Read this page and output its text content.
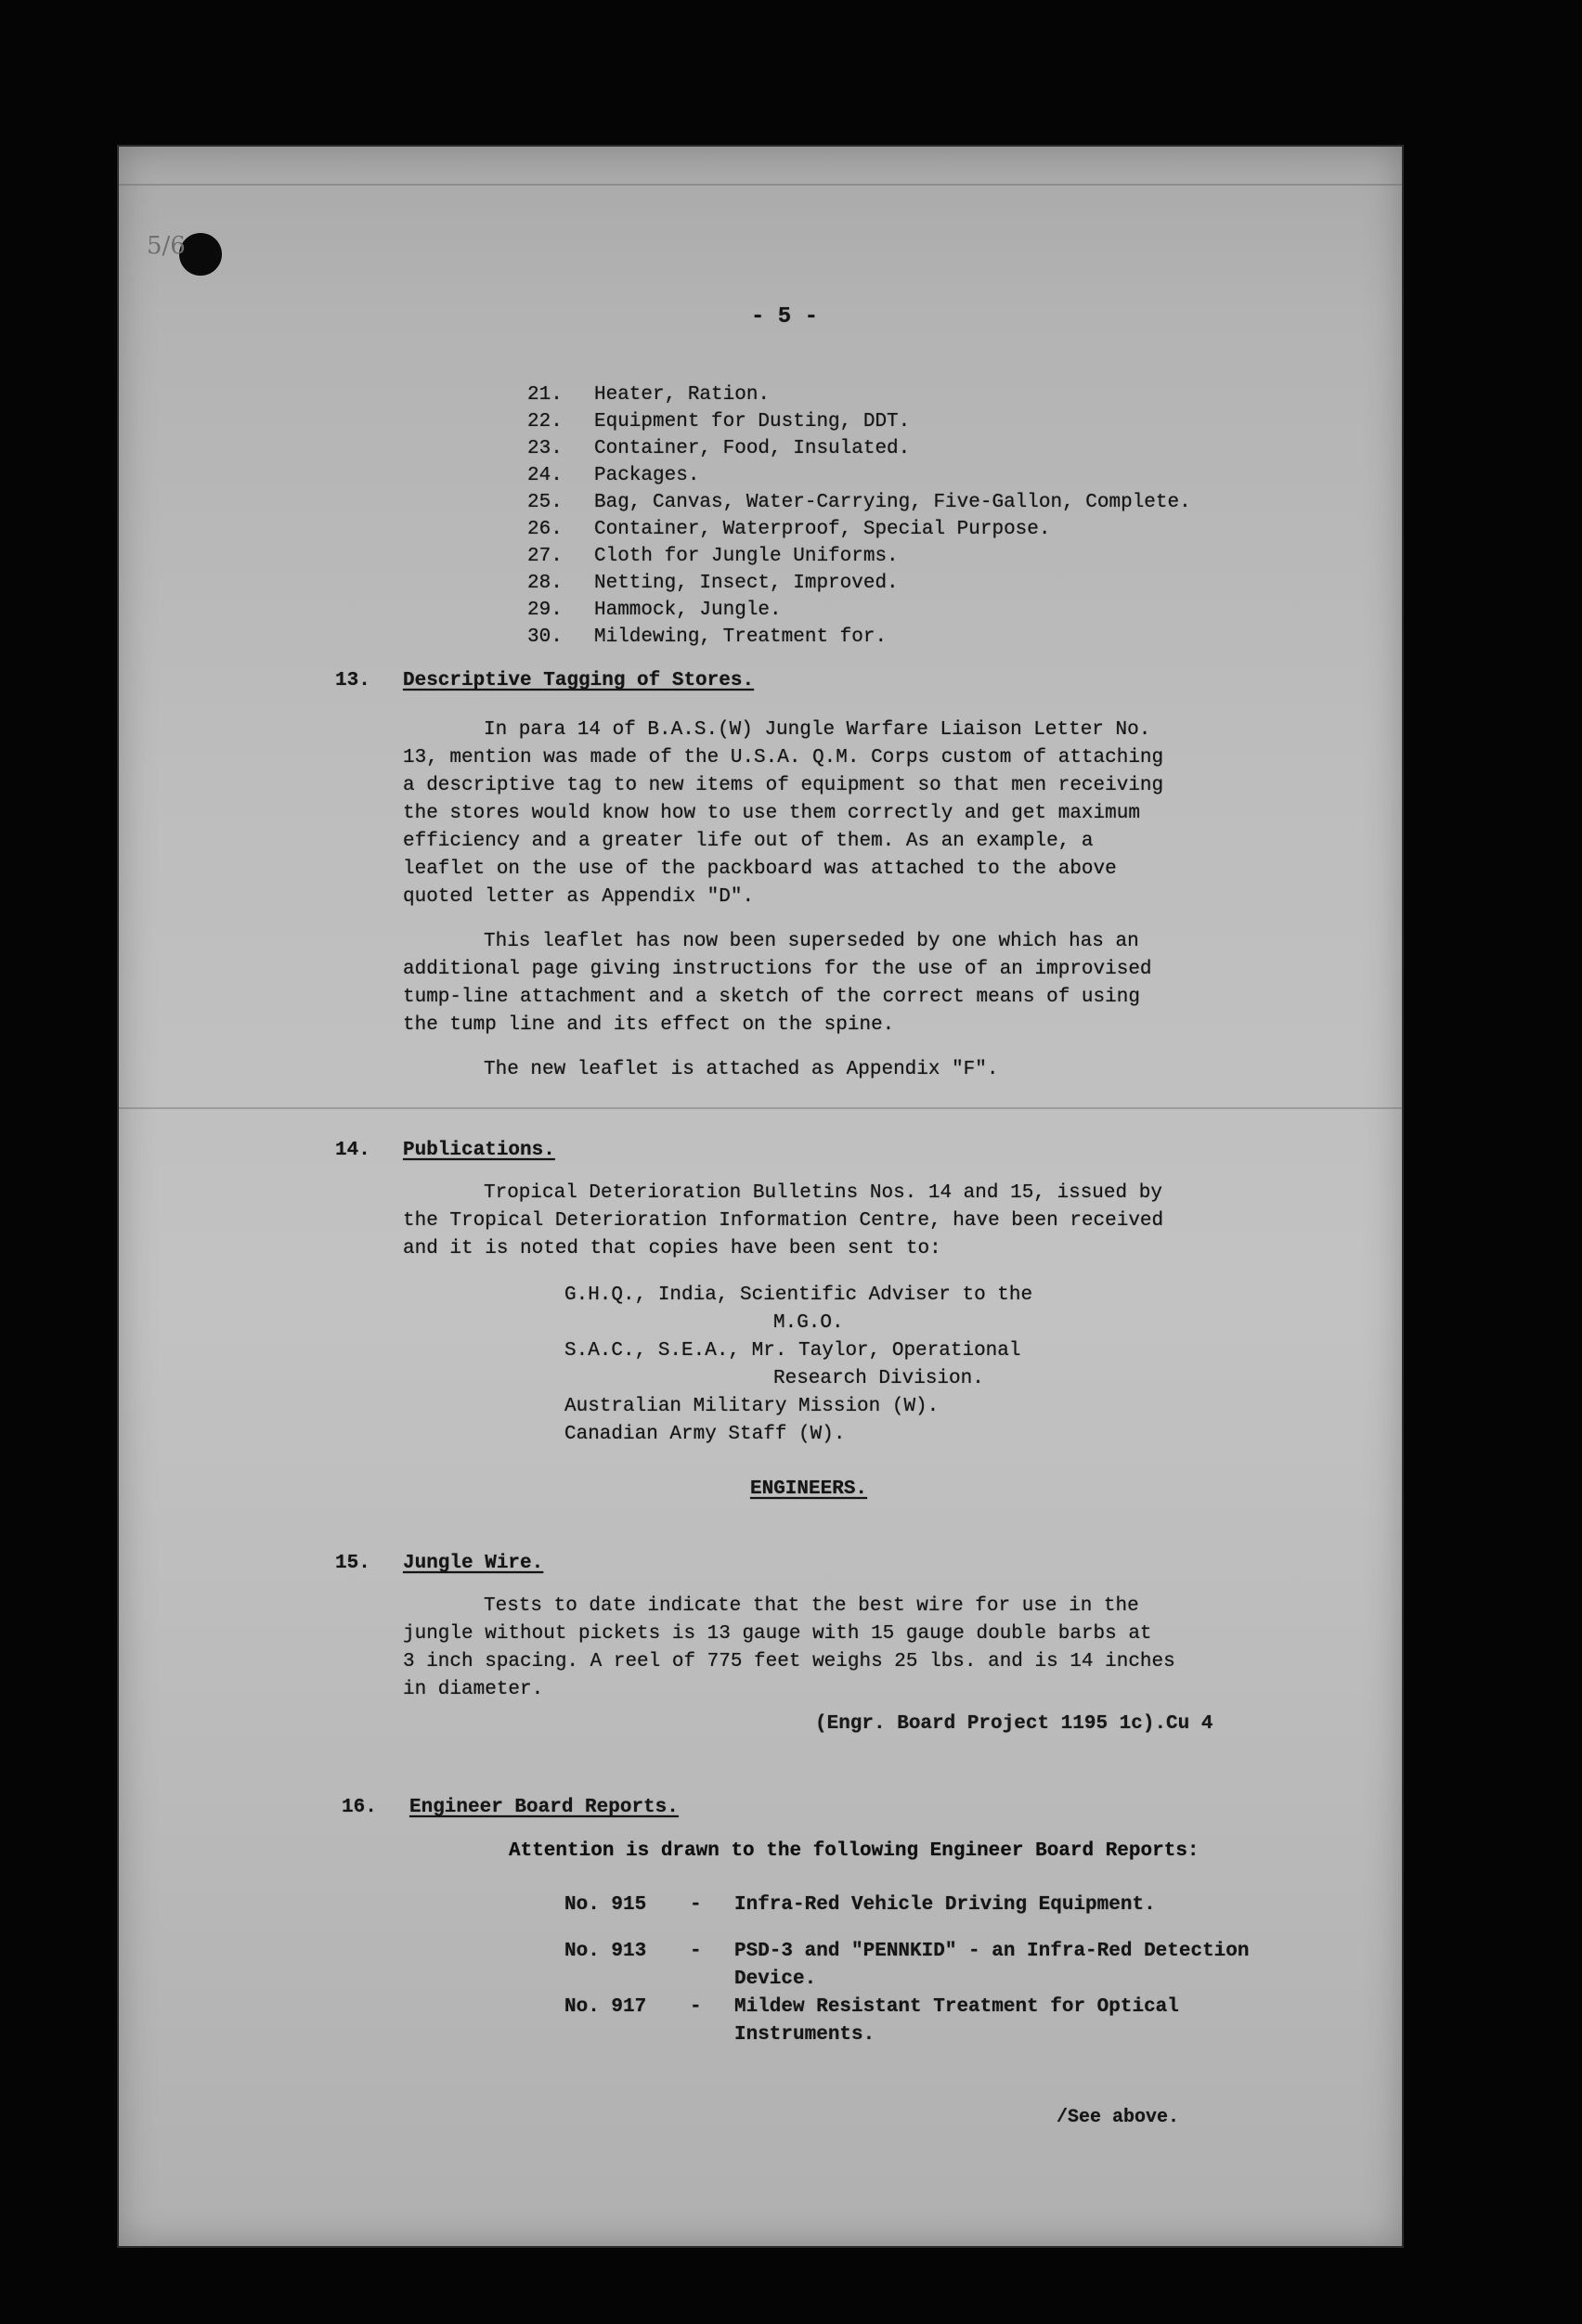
5/6
- 5 -
21. Heater, Ration.
22. Equipment for Dusting, DDT.
23. Container, Food, Insulated.
24. Packages.
25. Bag, Canvas, Water-Carrying, Five-Gallon, Complete.
26. Container, Waterproof, Special Purpose.
27. Cloth for Jungle Uniforms.
28. Netting, Insect, Improved.
29. Hammock, Jungle.
30. Mildewing, Treatment for.
13. Descriptive Tagging of Stores.
In para 14 of B.A.S.(W) Jungle Warfare Liaison Letter No.
13, mention was made of the U.S.A. Q.M. Corps custom of attaching
a descriptive tag to new items of equipment so that men receiving
the stores would know how to use them correctly and get maximum
efficiency and a greater life out of them. As an example, a
leaflet on the use of the packboard was attached to the above
quoted letter as Appendix "D".
This leaflet has now been superseded by one which has an
additional page giving instructions for the use of an improvised
tump-line attachment and a sketch of the correct means of using
the tump line and its effect on the spine.
The new leaflet is attached as Appendix "F".
14. Publications.
Tropical Deterioration Bulletins Nos. 14 and 15, issued by
the Tropical Deterioration Information Centre, have been received
and it is noted that copies have been sent to:
G.H.Q., India, Scientific Adviser to the
M.G.O.
S.A.C., S.E.A., Mr. Taylor, Operational
Research Division.
Australian Military Mission (W).
Canadian Army Staff (W).
ENGINEERS.
15. Jungle Wire.
Tests to date indicate that the best wire for use in the
jungle without pickets is 13 gauge with 15 gauge double barbs at
3 inch spacing. A reel of 775 feet weighs 25 lbs. and is 14 inches
in diameter.
(Engr. Board Project 1195 1c).Cu 4
16. Engineer Board Reports.
Attention is drawn to the following Engineer Board Reports:
No. 915 - Infra-Red Vehicle Driving Equipment.
No. 913 - PSD-3 and "PENNKID" - an Infra-Red Detection
Device.
No. 917 - Mildew Resistant Treatment for Optical
Instruments.
/See above.
